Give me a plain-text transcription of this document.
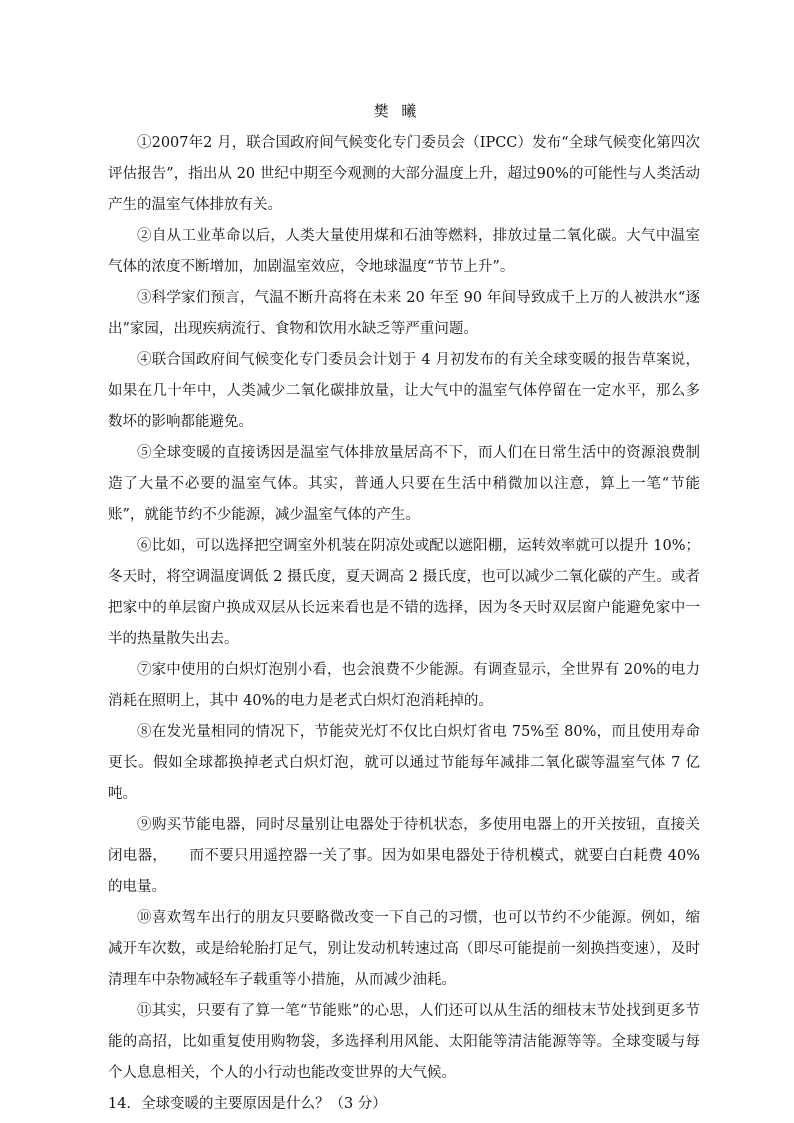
樊 曦

①2007年2 月，联合国政府间气候变化专门委员会（IPCC）发布“全球气候变化第四次评估报告”，指出从 20 世纪中期至今观测的大部分温度上升，超过90%的可能性与人类活动产生的温室气体排放有关。

②自从工业革命以后，人类大量使用煤和石油等燃料，排放过量二氧化碳。大气中温室气体的浓度不断增加，加剧温室效应，令地球温度“节节上升”。

③科学家们预言，气温不断升高将在未来 20 年至 90 年间导致成千上万的人被洪水“逐出”家园，出现疾病流行、食物和饮用水缺乏等严重问题。

④联合国政府间气候变化专门委员会计划于 4 月初发布的有关全球变暖的报告草案说，如果在几十年中，人类减少二氧化碳排放量，让大气中的温室气体停留在一定水平，那么多数坏的影响都能避免。

⑤全球变暖的直接诱因是温室气体排放量居高不下，而人们在日常生活中的资源浪费制造了大量不必要的温室气体。其实，普通人只要在生活中稍微加以注意，算上一笔“节能账”，就能节约不少能源，减少温室气体的产生。

⑥比如，可以选择把空调室外机装在阴凉处或配以遮阳棚，运转效率就可以提升 10%；冬天时，将空调温度调低 2 摄氏度，夏天调高 2 摄氏度，也可以减少二氧化碳的产生。或者把家中的单层窗户换成双层从长远来看也是不错的选择，因为冬天时双层窗户能避免家中一半的热量散失出去。

⑦家中使用的白炽灯泡别小看，也会浪费不少能源。有调查显示，全世界有 20%的电力消耗在照明上，其中 40%的电力是老式白炽灯泡消耗掉的。

⑧在发光量相同的情况下，节能荧光灯不仅比白炽灯省电 75%至 80%，而且使用寿命更长。假如全球都换掉老式白炽灯泡，就可以通过节能每年减排二氧化碳等温室气体 7 亿吨。

⑨购买节能电器，同时尽量别让电器处于待机状态，多使用电器上的开关按钮，直接关闭电器，　　而不要只用遥控器一关了事。因为如果电器处于待机模式，就要白白耗费 40%的电量。

⑩喜欢驾车出行的朋友只要略微改变一下自己的习惯，也可以节约不少能源。例如，缩减开车次数，或是给轮胎打足气，别让发动机转速过高（即尽可能提前一刻换挡变速），及时清理车中杂物减轻车子载重等小措施，从而减少油耗。

⑪其实，只要有了算一笔“节能账”的心思，人们还可以从生活的细枝末节处找到更多节能的高招，比如重复使用购物袋，多选择利用风能、太阳能等清洁能源等等。全球变暖与每个人息息相关，个人的小行动也能改变世界的大气候。

14．全球变暖的主要原因是什么？（3 分）
